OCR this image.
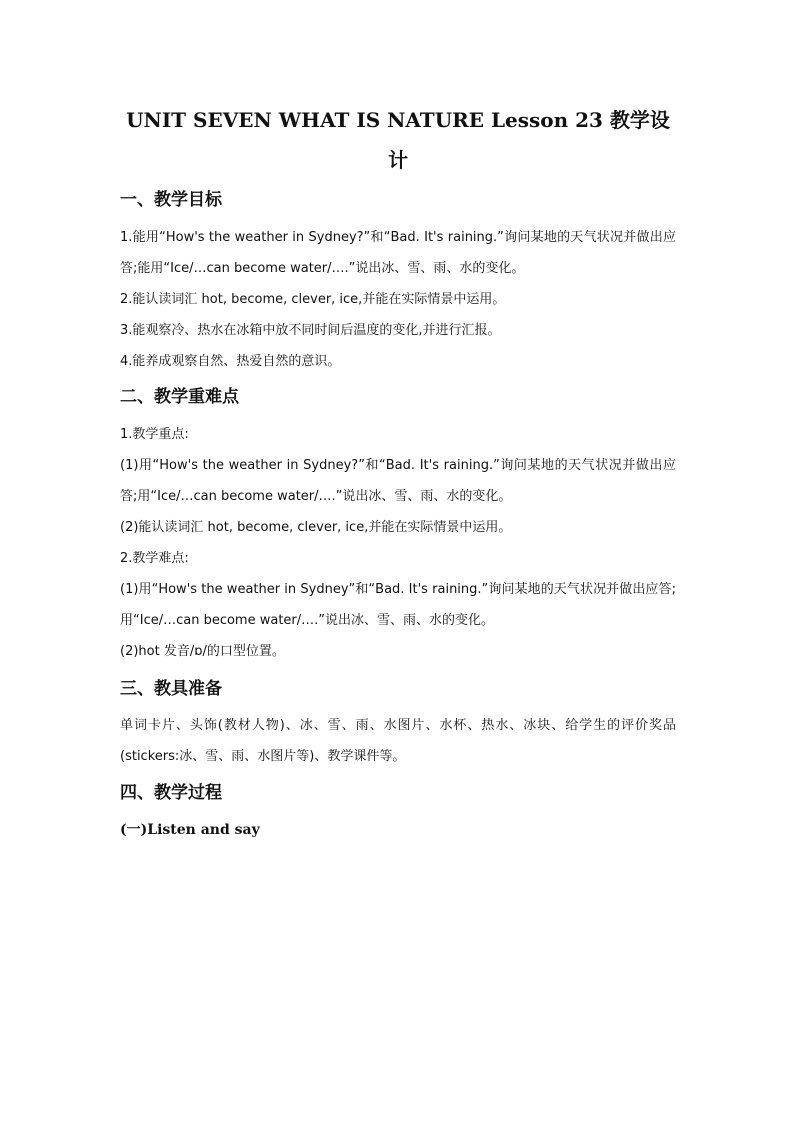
UNIT SEVEN WHAT IS NATURE Lesson 23 教学设计
一、教学目标

1.能用“How's the weather in Sydney?”和“Bad. It's raining.”询问某地的天气状况并做出应答;能用“Ice/…can become water/….”说出冰、雪、雨、水的变化。

2.能认读词汇 hot, become, clever, ice,并能在实际情景中运用。

3.能观察冷、热水在冰箱中放不同时间后温度的变化,并进行汇报。

4.能养成观察自然、热爱自然的意识。

二、教学重难点

1.教学重点:

(1)用“How's the weather in Sydney?”和“Bad. It's raining.”询问某地的天气状况并做出应答;用“Ice/…can become water/….”说出冰、雪、雨、水的变化。

(2)能认读词汇 hot, become, clever, ice,并能在实际情景中运用。

2.教学难点:

(1)用“How's the weather in Sydney”和“Bad. It's raining.”询问某地的天气状况并做出应答;用“Ice/…can become water/….”说出冰、雪、雨、水的变化。

(2)hot 发音/ɒ/的口型位置。

三、教具准备

单词卡片、头饰(教材人物)、冰、雪、雨、水图片、水杯、热水、冰块、给学生的评价奖品(stickers:冰、雪、雨、水图片等)、教学课件等。

四、教学过程

(一)Listen and say
